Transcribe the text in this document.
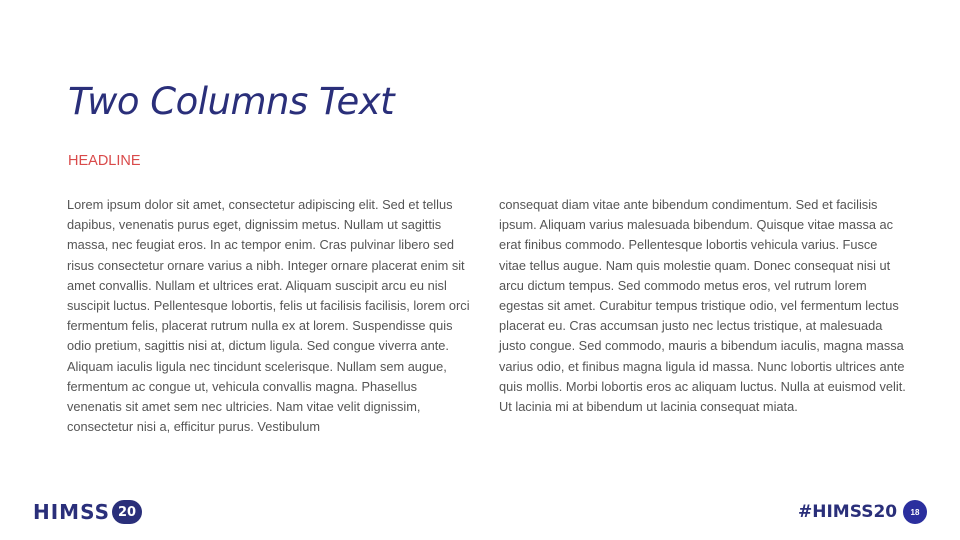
Two Columns Text
HEADLINE
Lorem ipsum dolor sit amet, consectetur adipiscing elit. Sed et tellus dapibus, venenatis purus eget, dignissim metus. Nullam ut sagittis massa, nec feugiat eros. In ac tempor enim. Cras pulvinar libero sed risus consectetur ornare varius a nibh. Integer ornare placerat enim sit amet convallis. Nullam et ultrices erat. Aliquam suscipit arcu eu nisl suscipit luctus. Pellentesque lobortis, felis ut facilisis facilisis, lorem orci fermentum felis, placerat rutrum nulla ex at lorem. Suspendisse quis odio pretium, sagittis nisi at, dictum ligula. Sed congue viverra ante. Aliquam iaculis ligula nec tincidunt scelerisque. Nullam sem augue, fermentum ac congue ut, vehicula convallis magna. Phasellus venenatis sit amet sem nec ultricies. Nam vitae velit dignissim, consectetur nisi a, efficitur purus. Vestibulum
consequat diam vitae ante bibendum condimentum. Sed et facilisis ipsum. Aliquam varius malesuada bibendum. Quisque vitae massa ac erat finibus commodo. Pellentesque lobortis vehicula varius. Fusce vitae tellus augue. Nam quis molestie quam. Donec consequat nisi ut arcu dictum tempus. Sed commodo metus eros, vel rutrum lorem egestas sit amet. Curabitur tempus tristique odio, vel fermentum lectus placerat eu. Cras accumsan justo nec lectus tristique, at malesuada justo congue. Sed commodo, mauris a bibendum iaculis, magna massa varius odio, et finibus magna ligula id massa. Nunc lobortis ultrices ante quis mollis. Morbi lobortis eros ac aliquam luctus. Nulla at euismod velit. Ut lacinia mi at bibendum ut lacinia consequat miata.
HIMSS 20	#HIMSS20	18
